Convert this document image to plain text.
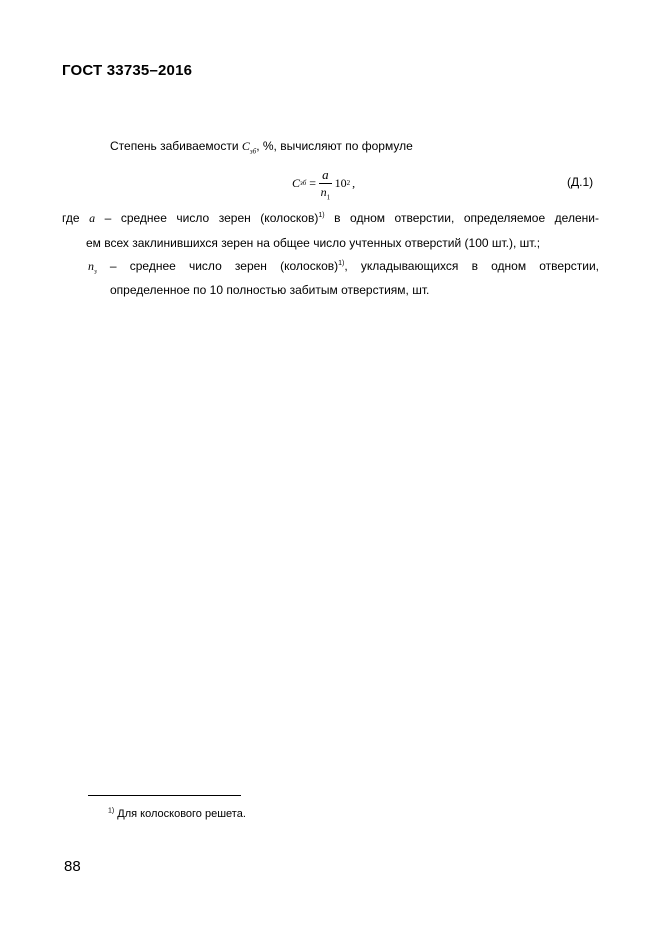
ГОСТ 33735–2016
Степень забиваемости $C_{зб}$, %, вычисляют по формуле
C зб = $\frac{a}{n_1} 10$ 2 ,	(Д.1)
где a – среднее число зерен (колосков)$^{1)}$ в одном отверстии, определяемое делени-
ем всех заклинившихся зерен на общее число учтенных отверстий (100 шт.), шт.;
$n_з$ – среднее число зерен (колосков)$^{1)}$, укладывающихся в одном отверстии,
определенное по 10 полностью забитым отверстиям, шт.
$^{1)}$ Для колоскового решета.
88
